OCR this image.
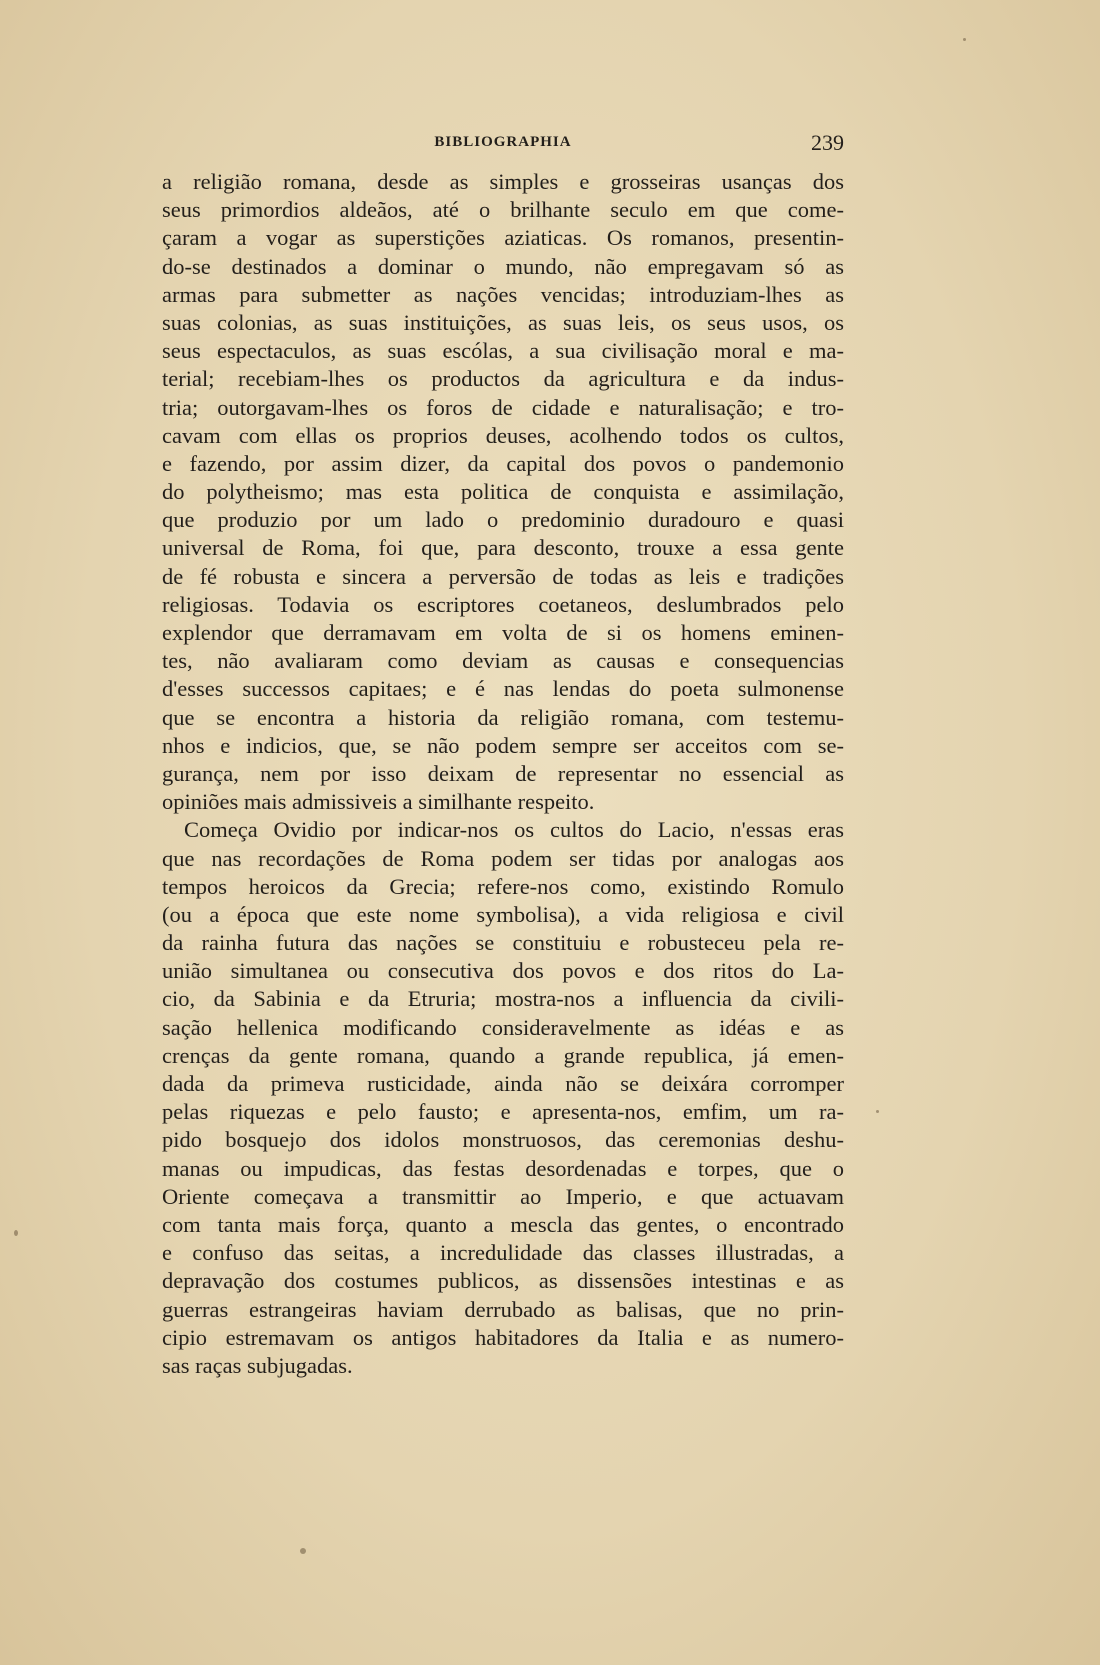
BIBLIOGRAPHIA	239
a religião romana, desde as simples e grosseiras usanças dos
seus primordios aldeãos, até o brilhante seculo em que come-
çaram a vogar as superstições aziaticas. Os romanos, presentin-
do-se destinados a dominar o mundo, não empregavam só as
armas para submetter as nações vencidas; introduziam-lhes as
suas colonias, as suas instituições, as suas leis, os seus usos, os
seus espectaculos, as suas escólas, a sua civilisação moral e ma-
terial; recebiam-lhes os productos da agricultura e da indus-
tria; outorgavam-lhes os foros de cidade e naturalisação; e tro-
cavam com ellas os proprios deuses, acolhendo todos os cultos,
e fazendo, por assim dizer, da capital dos povos o pandemonio
do polytheismo; mas esta politica de conquista e assimilação,
que produzio por um lado o predominio duradouro e quasi
universal de Roma, foi que, para desconto, trouxe a essa gente
de fé robusta e sincera a perversão de todas as leis e tradições
religiosas. Todavia os escriptores coetaneos, deslumbrados pelo
explendor que derramavam em volta de si os homens eminen-
tes, não avaliaram como deviam as causas e consequencias
d'esses successos capitaes; e é nas lendas do poeta sulmonense
que se encontra a historia da religião romana, com testemu-
nhos e indicios, que, se não podem sempre ser acceitos com se-
gurança, nem por isso deixam de representar no essencial as
opiniões mais admissiveis a similhante respeito.
Começa Ovidio por indicar-nos os cultos do Lacio, n'essas eras
que nas recordações de Roma podem ser tidas por analogas aos
tempos heroicos da Grecia; refere-nos como, existindo Romulo
(ou a época que este nome symbolisa), a vida religiosa e civil
da rainha futura das nações se constituiu e robusteceu pela re-
união simultanea ou consecutiva dos povos e dos ritos do La-
cio, da Sabinia e da Etruria; mostra-nos a influencia da civili-
sação hellenica modificando consideravelmente as idéas e as
crenças da gente romana, quando a grande republica, já emen-
dada da primeva rusticidade, ainda não se deixára corromper
pelas riquezas e pelo fausto; e apresenta-nos, emfim, um ra-
pido bosquejo dos idolos monstruosos, das ceremonias deshu-
manas ou impudicas, das festas desordenadas e torpes, que o
Oriente começava a transmittir ao Imperio, e que actuavam
com tanta mais força, quanto a mescla das gentes, o encontrado
e confuso das seitas, a incredulidade das classes illustradas, a
depravação dos costumes publicos, as dissensões intestinas e as
guerras estrangeiras haviam derrubado as balisas, que no prin-
cipio estremavam os antigos habitadores da Italia e as numero-
sas raças subjugadas.
